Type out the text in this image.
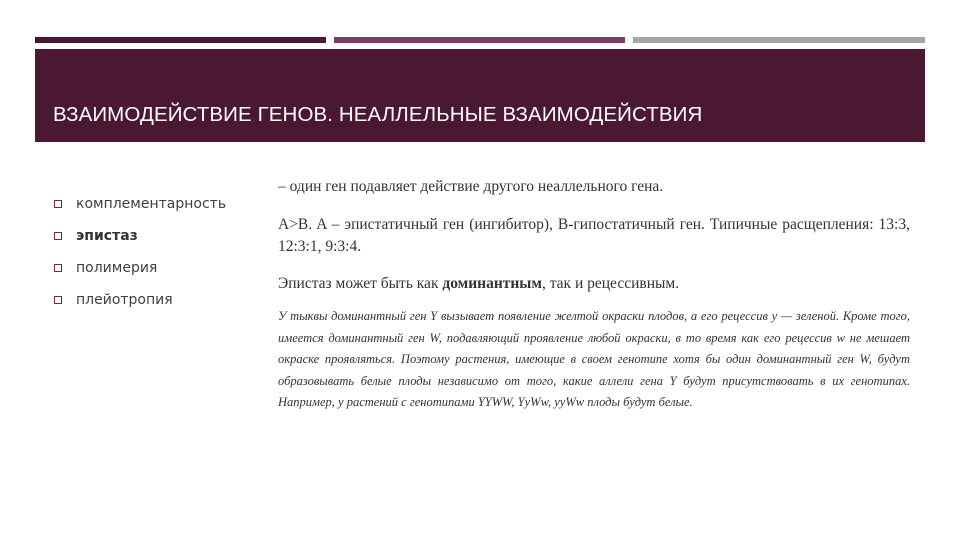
ВЗАИМОДЕЙСТВИЕ ГЕНОВ. НЕАЛЛЕЛЬНЫЕ ВЗАИМОДЕЙСТВИЯ
комплементарность
эпистаз
полимерия
плейотропия

– один ген подавляет действие другого неаллельного гена.

A>B. A – эпистатичный ген (ингибитор), B-гипостатичный ген. Типичные расщепления: 13:3, 12:3:1, 9:3:4.

Эпистаз может быть как доминантным, так и рецессивным.

У тыквы доминантный ген Y вызывает появление желтой окраски плодов, а его рецессив y — зеленой. Кроме того, имеется доминантный ген W, подавляющий проявление любой окраски, в то время как его рецессив w не мешает окраске проявляться. Поэтому растения, имеющие в своем генотипе хотя бы один доминантный ген W, будут образовывать белые плоды независимо от того, какие аллели гена Y будут присутствовать в их генотипах. Например, у растений с генотипами YYWW, YyWw, yyWw плоды будут белые.
